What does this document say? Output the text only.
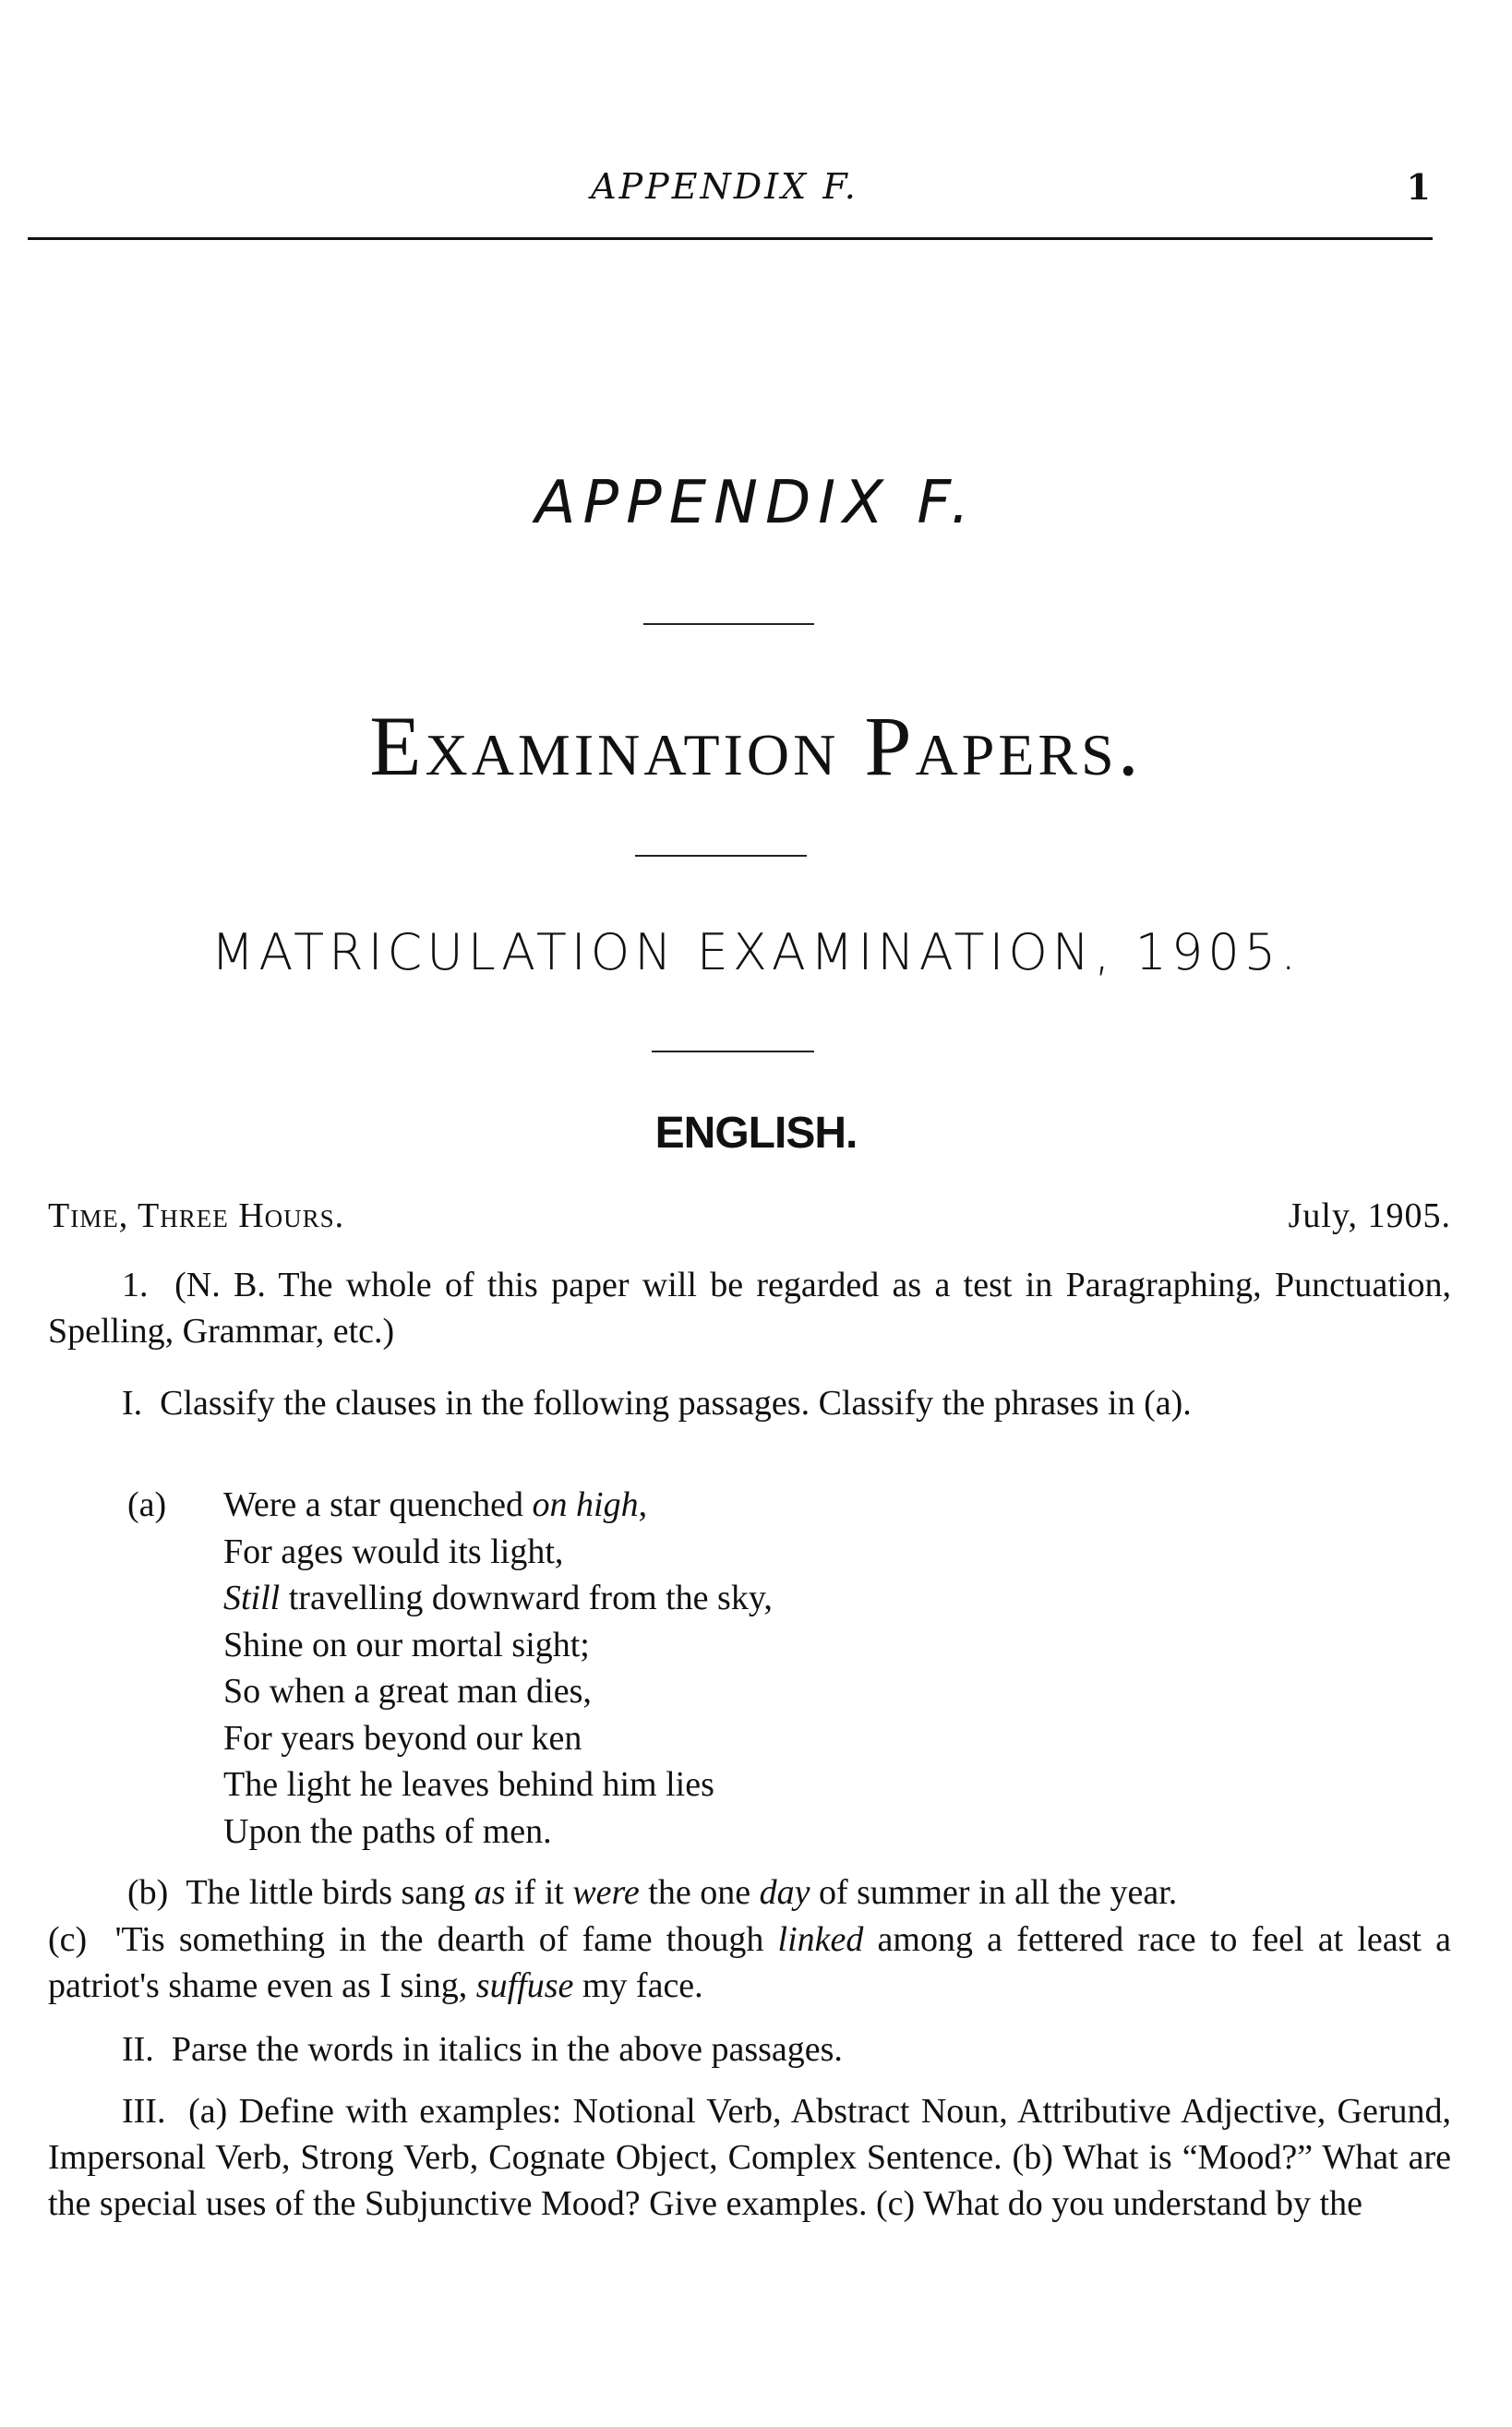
APPENDIX F.	1
APPENDIX F.
Examination Papers.
MATRICULATION EXAMINATION, 1905.
ENGLISH.
Time, Three Hours.	July, 1905.
1. (N. B. The whole of this paper will be regarded as a test in Paragraphing, Punctuation, Spelling, Grammar, etc.)
I. Classify the clauses in the following passages. Classify the phrases in (a).
(a) Were a star quenched on high,
For ages would its light,
Still travelling downward from the sky,
Shine on our mortal sight;
So when a great man dies,
For years beyond our ken
The light he leaves behind him lies
Upon the paths of men.
(b) The little birds sang as if it were the one day of summer in all the year.
(c) 'Tis something in the dearth of fame though linked among a fettered race to feel at least a patriot's shame even as I sing, suffuse my face.
II. Parse the words in italics in the above passages.
III. (a) Define with examples: Notional Verb, Abstract Noun, Attributive Adjective, Gerund, Impersonal Verb, Strong Verb, Cognate Object, Complex Sentence. (b) What is “Mood?” What are the special uses of the Subjunctive Mood? Give examples. (c) What do you understand by the
